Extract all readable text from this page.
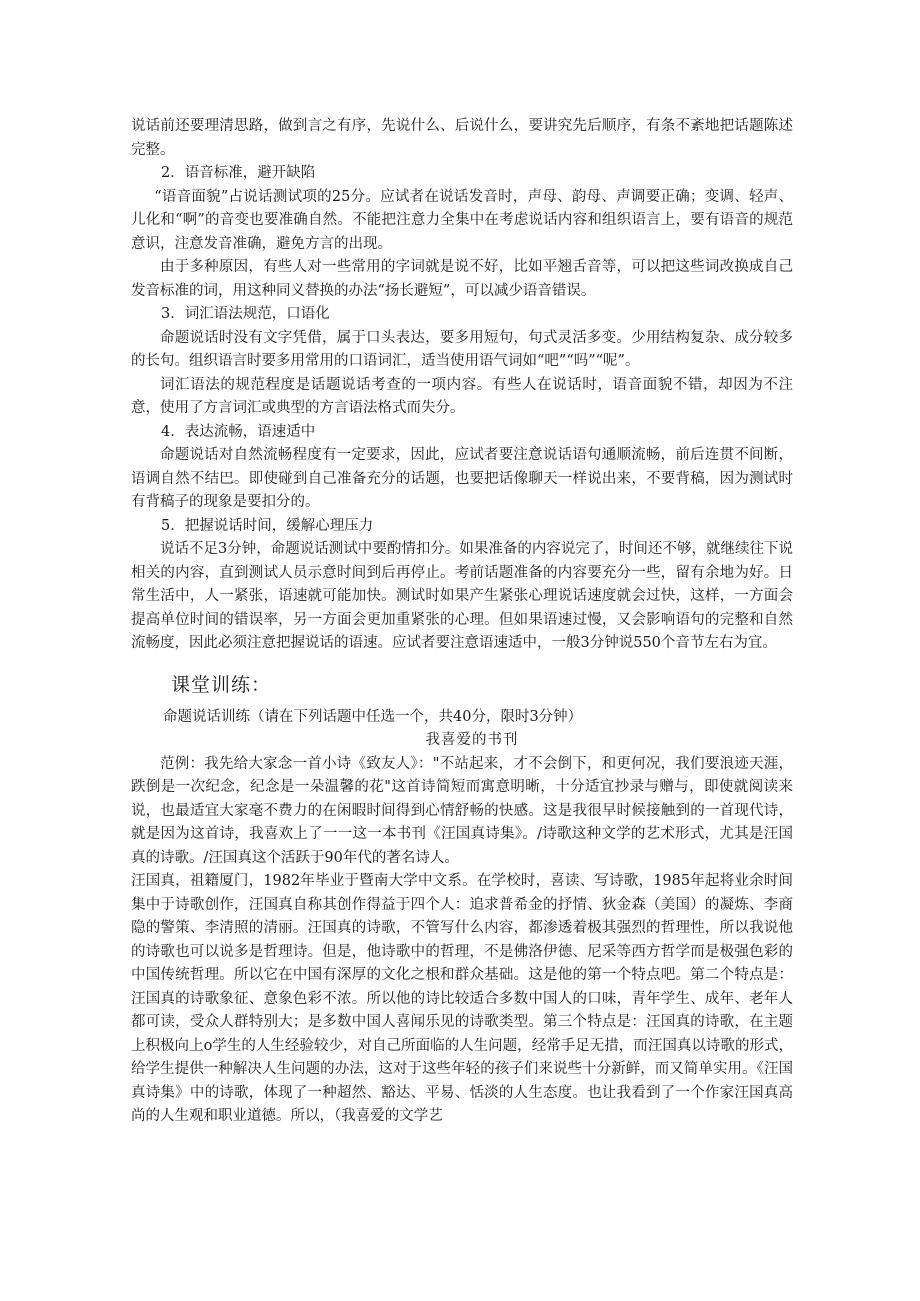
说话前还要理清思路，做到言之有序，先说什么、后说什么，要讲究先后顺序，有条不紊地把话题陈述完整。

2．语音标准，避开缺陷

“语音面貌”占说话测试项的25分。应试者在说话发音时，声母、韵母、声调要正确；变调、轻声、儿化和“啊”的音变也要准确自然。不能把注意力全集中在考虑说话内容和组织语言上，要有语音的规范意识，注意发音准确，避免方言的出现。

由于多种原因，有些人对一些常用的字词就是说不好，比如平翘舌音等，可以把这些词改换成自己发音标准的词，用这种同义替换的办法“扬长避短”，可以减少语音错误。

3．词汇语法规范，口语化

命题说话时没有文字凭借，属于口头表达，要多用短句，句式灵活多变。少用结构复杂、成分较多的长句。组织语言时要多用常用的口语词汇，适当使用语气词如“吧”“吗”“呢”。

词汇语法的规范程度是话题说话考查的一项内容。有些人在说话时，语音面貌不错，却因为不注意，使用了方言词汇或典型的方言语法格式而失分。

4．表达流畅，语速适中

命题说话对自然流畅程度有一定要求，因此，应试者要注意说话语句通顺流畅，前后连贯不间断，语调自然不结巴。即使碰到自己准备充分的话题，也要把话像聊天一样说出来，不要背稿，因为测试时有背稿子的现象是要扣分的。

5．把握说话时间，缓解心理压力

说话不足3分钟，命题说话测试中要酌情扣分。如果准备的内容说完了，时间还不够，就继续往下说相关的内容，直到测试人员示意时间到后再停止。考前话题准备的内容要充分一些，留有余地为好。日常生活中，人一紧张，语速就可能加快。测试时如果产生紧张心理说话速度就会过快，这样，一方面会提高单位时间的错误率，另一方面会更加重紧张的心理。但如果语速过慢，又会影响语句的完整和自然流畅度，因此必须注意把握说话的语速。应试者要注意语速适中，一般3分钟说550个音节左右为宜。

课堂训练：

命题说话训练（请在下列话题中任选一个，共40分，限时3分钟）

我喜爱的书刊

范例：我先给大家念一首小诗《致友人》："不站起来，才不会倒下，和更何况，我们要浪迹天涯，跌倒是一次纪念，纪念是一朵温馨的花"这首诗简短而寓意明晰，十分适宜抄录与赠与，即使就阅读来说，也最适宜大家毫不费力的在闲暇时间得到心情舒畅的快感。这是我很早时候接触到的一首现代诗，就是因为这首诗，我喜欢上了一一这一本书刊《汪国真诗集》。/诗歌这种文学的艺术形式，尤其是汪国真的诗歌。/汪国真这个活跃于90年代的著名诗人。

汪国真，祖籍厦门，1982年毕业于暨南大学中文系。在学校时，喜读、写诗歌，1985年起将业余时间集中于诗歌创作，汪国真自称其创作得益于四个人：追求普希金的抒情、狄金森（美国）的凝炼、李商隐的警策、李清照的清丽。汪国真的诗歌，不管写什么内容，都渗透着极其强烈的哲理性，所以我说他的诗歌也可以说多是哲理诗。但是，他诗歌中的哲理，不是佛洛伊德、尼采等西方哲学而是极强色彩的中国传统哲理。所以它在中国有深厚的文化之根和群众基础。这是他的第一个特点吧。第二个特点是：汪国真的诗歌象征、意象色彩不浓。所以他的诗比较适合多数中国人的口味，青年学生、成年、老年人都可读，受众人群特别大；是多数中国人喜闻乐见的诗歌类型。第三个特点是：汪国真的诗歌，在主题上积极向上o学生的人生经验较少，对自己所面临的人生问题，经常手足无措，而汪国真以诗歌的形式，给学生提供一种解决人生问题的办法，这对于这些年轻的孩子们来说些十分新鲜，而又简单实用。《汪国真诗集》中的诗歌，体现了一种超然、豁达、平易、恬淡的人生态度。也让我看到了一个作家汪国真高尚的人生观和职业道德。所以，（我喜爱的文学艺
